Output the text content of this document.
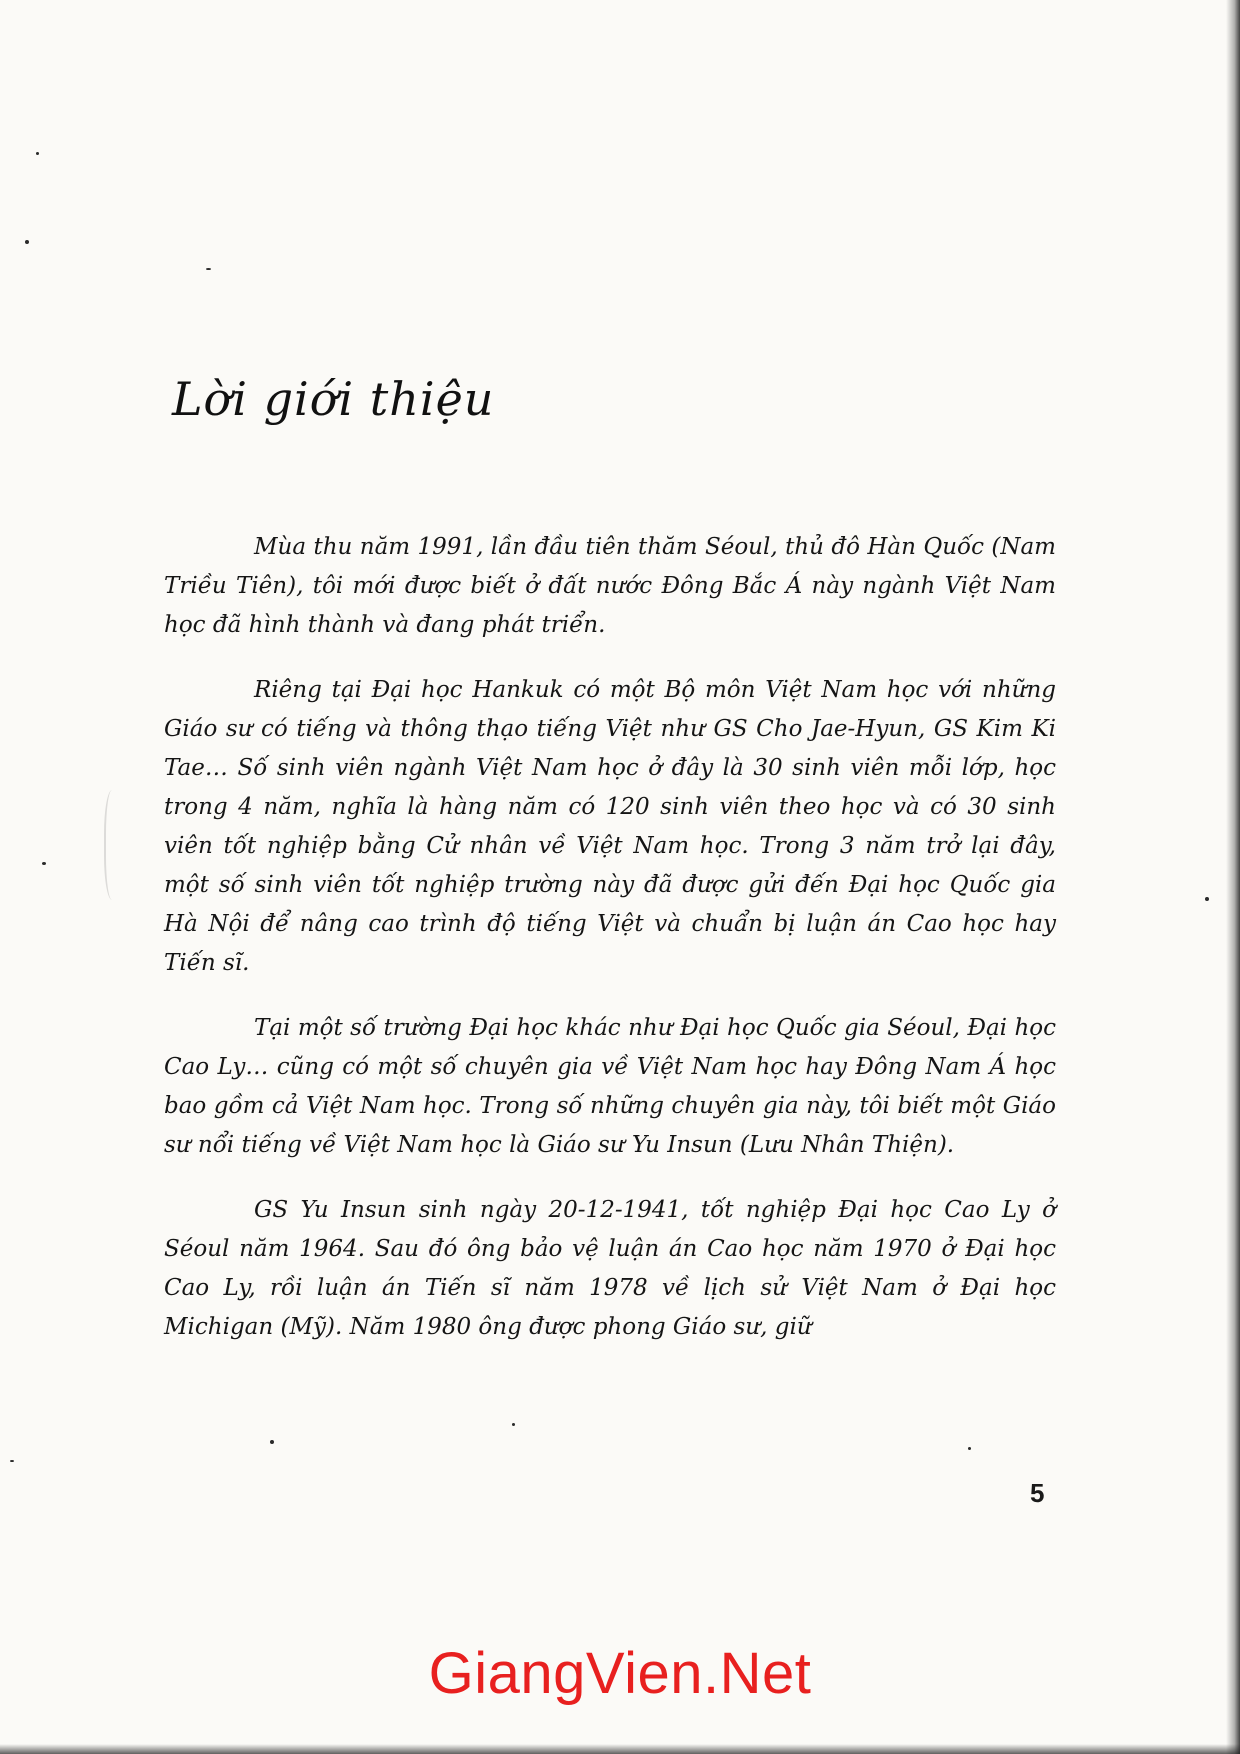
Lời giới thiệu

Mùa thu năm 1991, lần đầu tiên thăm Séoul, thủ đô Hàn Quốc (Nam Triều Tiên), tôi mới được biết ở đất nước Đông Bắc Á này ngành Việt Nam học đã hình thành và đang phát triển.

Riêng tại Đại học Hankuk có một Bộ môn Việt Nam học với những Giáo sư có tiếng và thông thạo tiếng Việt như GS Cho Jae-Hyun, GS Kim Ki Tae… Số sinh viên ngành Việt Nam học ở đây là 30 sinh viên mỗi lớp, học trong 4 năm, nghĩa là hàng năm có 120 sinh viên theo học và có 30 sinh viên tốt nghiệp bằng Cử nhân về Việt Nam học. Trong 3 năm trở lại đây, một số sinh viên tốt nghiệp trường này đã được gửi đến Đại học Quốc gia Hà Nội để nâng cao trình độ tiếng Việt và chuẩn bị luận án Cao học hay Tiến sĩ.

Tại một số trường Đại học khác như Đại học Quốc gia Séoul, Đại học Cao Ly… cũng có một số chuyên gia về Việt Nam học hay Đông Nam Á học bao gồm cả Việt Nam học. Trong số những chuyên gia này, tôi biết một Giáo sư nổi tiếng về Việt Nam học là Giáo sư Yu Insun (Lưu Nhân Thiện).

GS Yu Insun sinh ngày 20-12-1941, tốt nghiệp Đại học Cao Ly ở Séoul năm 1964. Sau đó ông bảo vệ luận án Cao học năm 1970 ở Đại học Cao Ly, rồi luận án Tiến sĩ năm 1978 về lịch sử Việt Nam ở Đại học Michigan (Mỹ). Năm 1980 ông được phong Giáo sư, giữ

5
GiangVien.Net
